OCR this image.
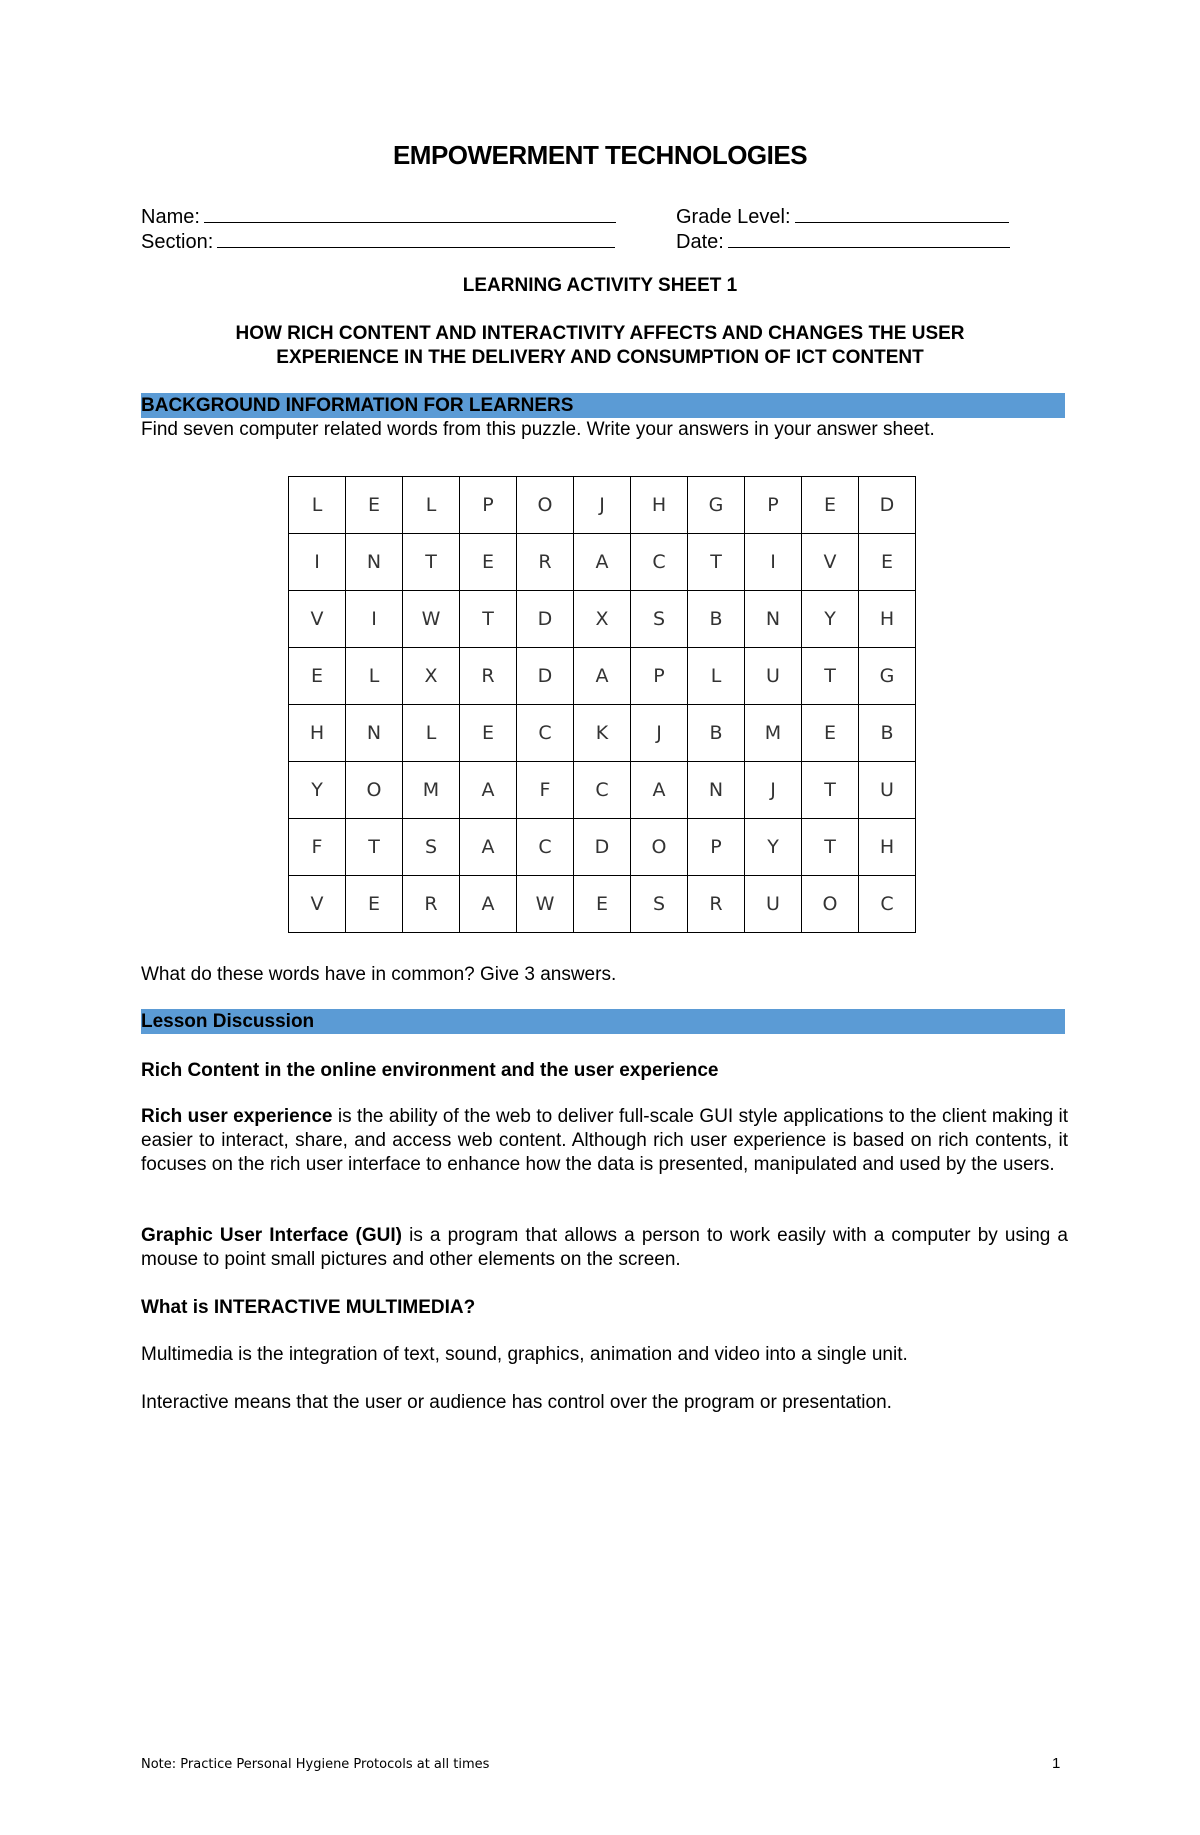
EMPOWERMENT TECHNOLOGIES
Name:
Section:
Grade Level:
Date:
LEARNING ACTIVITY SHEET 1
HOW RICH CONTENT AND INTERACTIVITY AFFECTS AND CHANGES THE USER
EXPERIENCE IN THE DELIVERY AND CONSUMPTION OF ICT CONTENT
BACKGROUND INFORMATION FOR LEARNERS
Find seven computer related words from this puzzle. Write your answers in your answer sheet.
L	E	L	P	O	J	H	G	P	E	D
I	N	T	E	R	A	C	T	I	V	E
V	I	W	T	D	X	S	B	N	Y	H
E	L	X	R	D	A	P	L	U	T	G
H	N	L	E	C	K	J	B	M	E	B
Y	O	M	A	F	C	A	N	J	T	U
F	T	S	A	C	D	O	P	Y	T	H
V	E	R	A	W	E	S	R	U	O	C
What do these words have in common? Give 3 answers.
Lesson Discussion
Rich Content in the online environment and the user experience
Rich user experience is the ability of the web to deliver full-scale GUI style applications to the client making it easier to interact, share, and access web content. Although rich user experience is based on rich contents, it focuses on the rich user interface to enhance how the data is presented, manipulated and used by the users.
Graphic User Interface (GUI) is a program that allows a person to work easily with a computer by using a mouse to point small pictures and other elements on the screen.
What is INTERACTIVE MULTIMEDIA?
Multimedia is the integration of text, sound, graphics, animation and video into a single unit.
Interactive means that the user or audience has control over the program or presentation.
Note: Practice Personal Hygiene Protocols at all times	1
